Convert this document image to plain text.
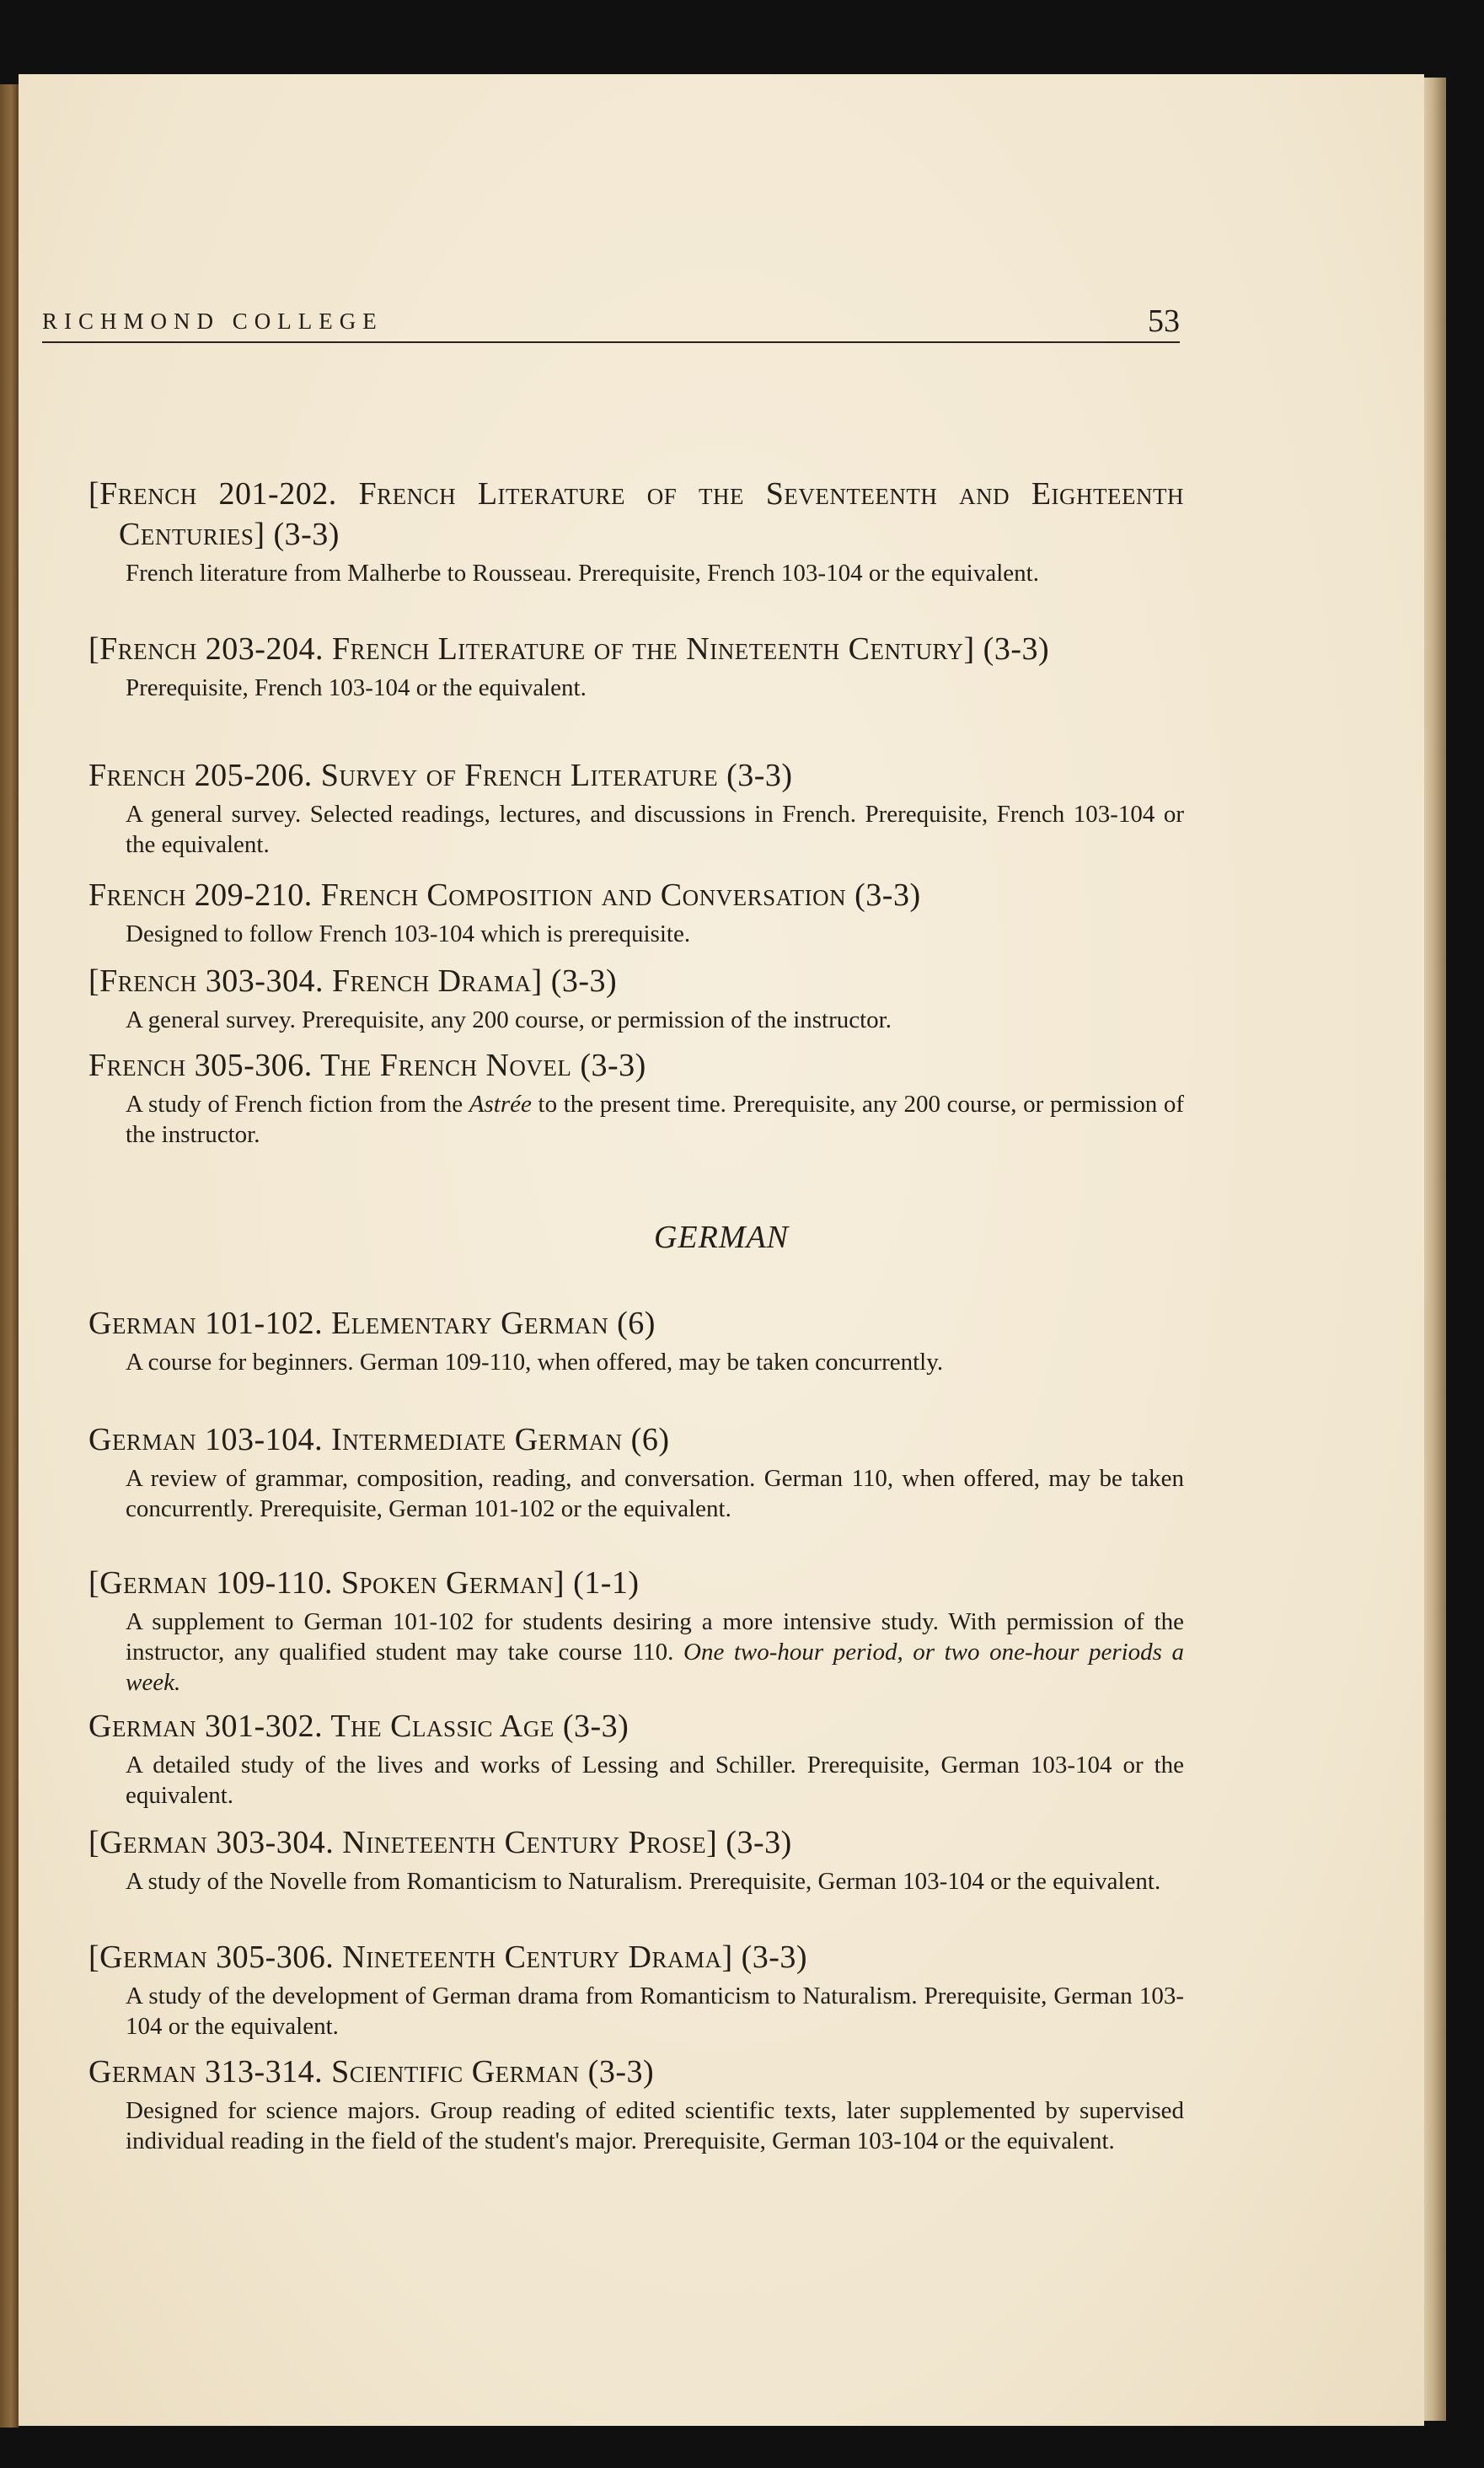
RICHMOND COLLEGE	53
[French 201-202. French Literature of the Seventeenth and Eighteenth Centuries] (3-3)
French literature from Malherbe to Rousseau. Prerequisite, French 103-104 or the equivalent.
[French 203-204. French Literature of the Nineteenth Century] (3-3)
Prerequisite, French 103-104 or the equivalent.
French 205-206. Survey of French Literature (3-3)
A general survey. Selected readings, lectures, and discussions in French. Prerequisite, French 103-104 or the equivalent.
French 209-210. French Composition and Conversation (3-3)
Designed to follow French 103-104 which is prerequisite.
[French 303-304. French Drama] (3-3)
A general survey. Prerequisite, any 200 course, or permission of the instructor.
French 305-306. The French Novel (3-3)
A study of French fiction from the Astrée to the present time. Prerequisite, any 200 course, or permission of the instructor.
GERMAN
German 101-102. Elementary German (6)
A course for beginners. German 109-110, when offered, may be taken concurrently.
German 103-104. Intermediate German (6)
A review of grammar, composition, reading, and conversation. German 110, when offered, may be taken concurrently. Prerequisite, German 101-102 or the equivalent.
[German 109-110. Spoken German] (1-1)
A supplement to German 101-102 for students desiring a more intensive study. With permission of the instructor, any qualified student may take course 110. One two-hour period, or two one-hour periods a week.
German 301-302. The Classic Age (3-3)
A detailed study of the lives and works of Lessing and Schiller. Prerequisite, German 103-104 or the equivalent.
[German 303-304. Nineteenth Century Prose] (3-3)
A study of the Novelle from Romanticism to Naturalism. Prerequisite, German 103-104 or the equivalent.
[German 305-306. Nineteenth Century Drama] (3-3)
A study of the development of German drama from Romanticism to Naturalism. Prerequisite, German 103-104 or the equivalent.
German 313-314. Scientific German (3-3)
Designed for science majors. Group reading of edited scientific texts, later supplemented by supervised individual reading in the field of the student's major. Prerequisite, German 103-104 or the equivalent.
